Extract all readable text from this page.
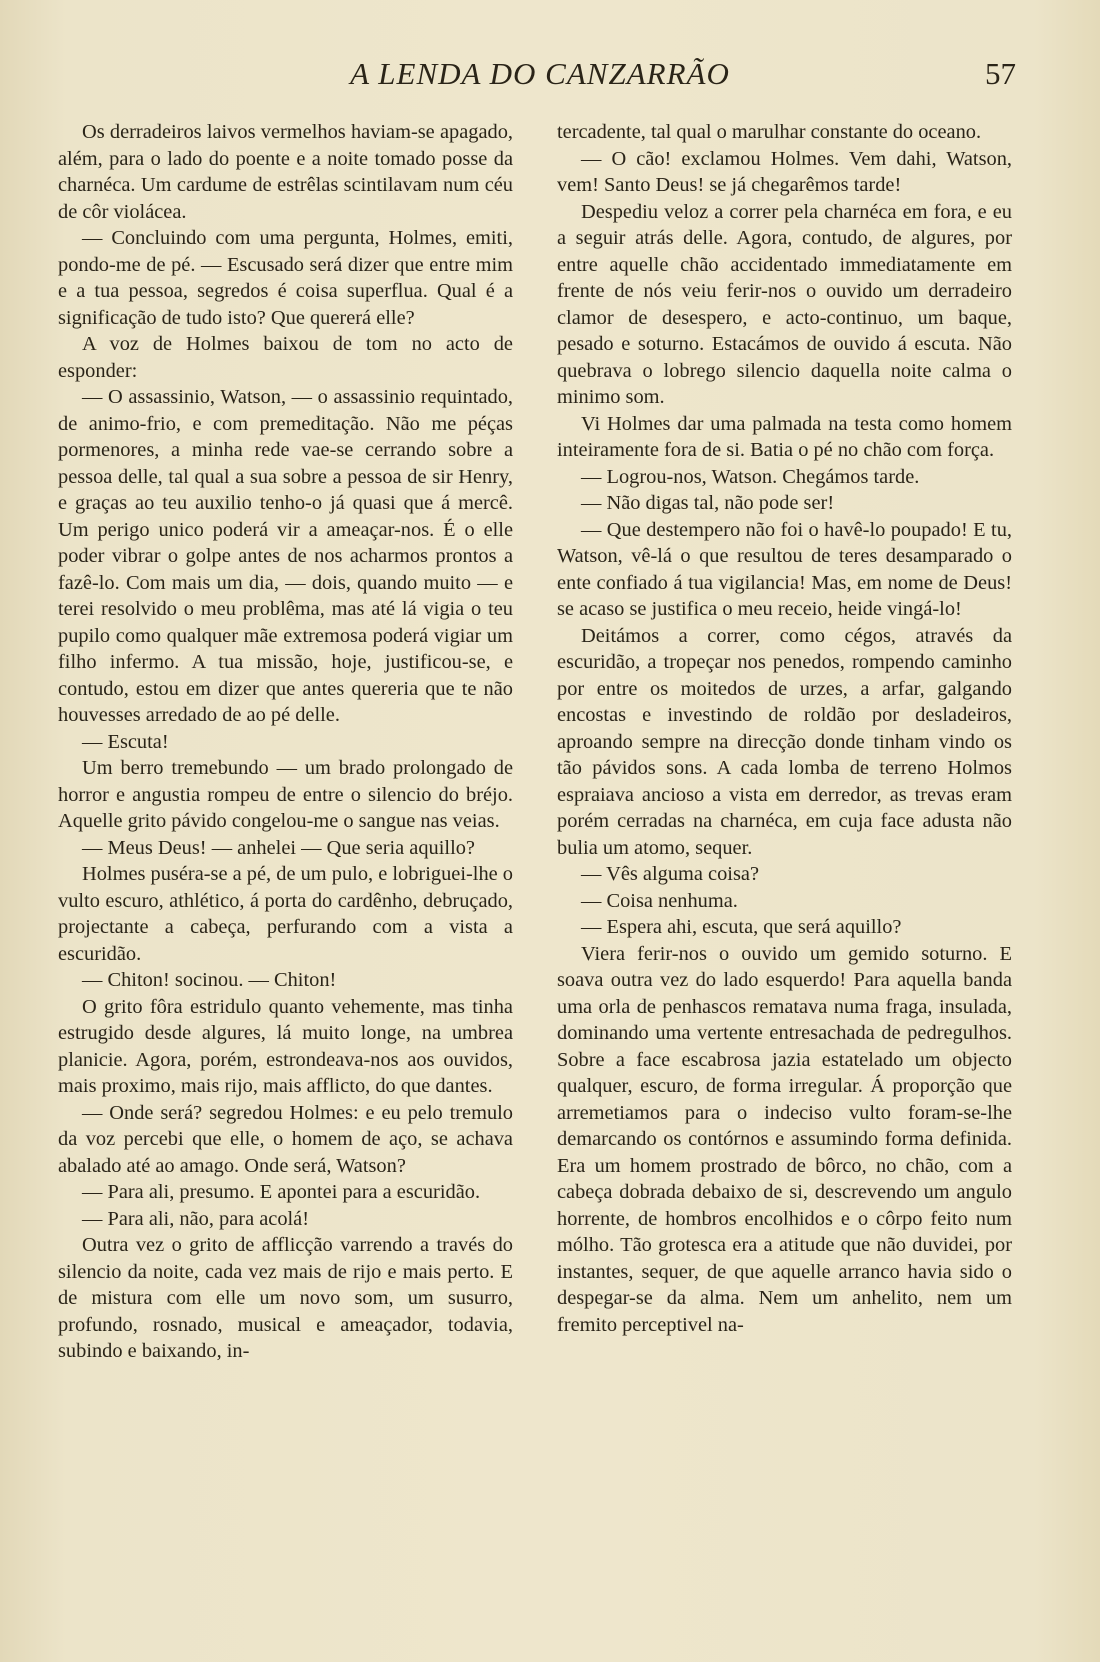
A LENDA DO CANZARRÃO	57

Os derradeiros laivos vermelhos haviam-se apagado, além, para o lado do poente e a noite tomado posse da charnéca. Um cardume de estrêlas scintilavam num céu de côr violácea.

— Concluindo com uma pergunta, Holmes, emiti, pondo-me de pé. — Escusado será dizer que entre mim e a tua pessoa, segredos é coisa superflua. Qual é a significação de tudo isto? Que quererá elle?

A voz de Holmes baixou de tom no acto de esponder:

— O assassinio, Watson, — o assassinio requintado, de animo-frio, e com premeditação. Não me péças pormenores, a minha rede vae-se cerrando sobre a pessoa delle, tal qual a sua sobre a pessoa de sir Henry, e graças ao teu auxilio tenho-o já quasi que á mercê. Um perigo unico poderá vir a ameaçar-nos. É o elle poder vibrar o golpe antes de nos acharmos prontos a fazê-lo. Com mais um dia, — dois, quando muito — e terei resolvido o meu problêma, mas até lá vigia o teu pupilo como qualquer mãe extremosa poderá vigiar um filho infermo. A tua missão, hoje, justificou-se, e contudo, estou em dizer que antes quereria que te não houvesses arredado de ao pé delle.

— Escuta!

Um berro tremebundo — um brado prolongado de horror e angustia rompeu de entre o silencio do bréjo. Aquelle grito pávido congelou-me o sangue nas veias.

— Meus Deus! — anhelei — Que seria aquillo?

Holmes puséra-se a pé, de um pulo, e lobriguei-lhe o vulto escuro, athlético, á porta do cardênho, debruçado, projectante a cabeça, perfurando com a vista a escuridão.

— Chiton! socinou. — Chiton!

O grito fôra estridulo quanto vehemente, mas tinha estrugido desde algures, lá muito longe, na umbrea planicie. Agora, porém, estrondeava-nos aos ouvidos, mais proximo, mais rijo, mais afflicto, do que dantes.

— Onde será? segredou Holmes: e eu pelo tremulo da voz percebi que elle, o homem de aço, se achava abalado até ao amago. Onde será, Watson?

— Para ali, presumo. E apontei para a escuridão.

— Para ali, não, para acolá!

Outra vez o grito de afflicção varrendo a través do silencio da noite, cada vez mais de rijo e mais perto. E de mistura com elle um novo som, um susurro, profundo, rosnado, musical e ameaçador, todavia, subindo e baixando, in-

tercadente, tal qual o marulhar constante do oceano.

— O cão! exclamou Holmes. Vem dahi, Watson, vem! Santo Deus! se já chegarêmos tarde!

Despediu veloz a correr pela charnéca em fora, e eu a seguir atrás delle. Agora, contudo, de algures, por entre aquelle chão accidentado immediatamente em frente de nós veiu ferir-nos o ouvido um derradeiro clamor de desespero, e acto-continuo, um baque, pesado e soturno. Estacámos de ouvido á escuta. Não quebrava o lobrego silencio daquella noite calma o minimo som.

Vi Holmes dar uma palmada na testa como homem inteiramente fora de si. Batia o pé no chão com força.

— Logrou-nos, Watson. Chegámos tarde.

— Não digas tal, não pode ser!

— Que destempero não foi o havê-lo poupado! E tu, Watson, vê-lá o que resultou de teres desamparado o ente confiado á tua vigilancia! Mas, em nome de Deus! se acaso se justifica o meu receio, heide vingá-lo!

Deitámos a correr, como cégos, através da escuridão, a tropeçar nos penedos, rompendo caminho por entre os moitedos de urzes, a arfar, galgando encostas e investindo de roldão por desladeiros, aproando sempre na direcção donde tinham vindo os tão pávidos sons. A cada lomba de terreno Holmos espraiava ancioso a vista em derredor, as trevas eram porém cerradas na charnéca, em cuja face adusta não bulia um atomo, sequer.

— Vês alguma coisa?

— Coisa nenhuma.

— Espera ahi, escuta, que será aquillo?

Viera ferir-nos o ouvido um gemido soturno. E soava outra vez do lado esquerdo! Para aquella banda uma orla de penhascos rematava numa fraga, insulada, dominando uma vertente entresachada de pedregulhos. Sobre a face escabrosa jazia estatelado um objecto qualquer, escuro, de forma irregular. Á proporção que arremetiamos para o indeciso vulto foram-se-lhe demarcando os contórnos e assumindo forma definida. Era um homem prostrado de bôrco, no chão, com a cabeça dobrada debaixo de si, descrevendo um angulo horrente, de hombros encolhidos e o côrpo feito num mólho. Tão grotesca era a atitude que não duvidei, por instantes, sequer, de que aquelle arranco havia sido o despegar-se da alma. Nem um anhelito, nem um fremito perceptivel na-
